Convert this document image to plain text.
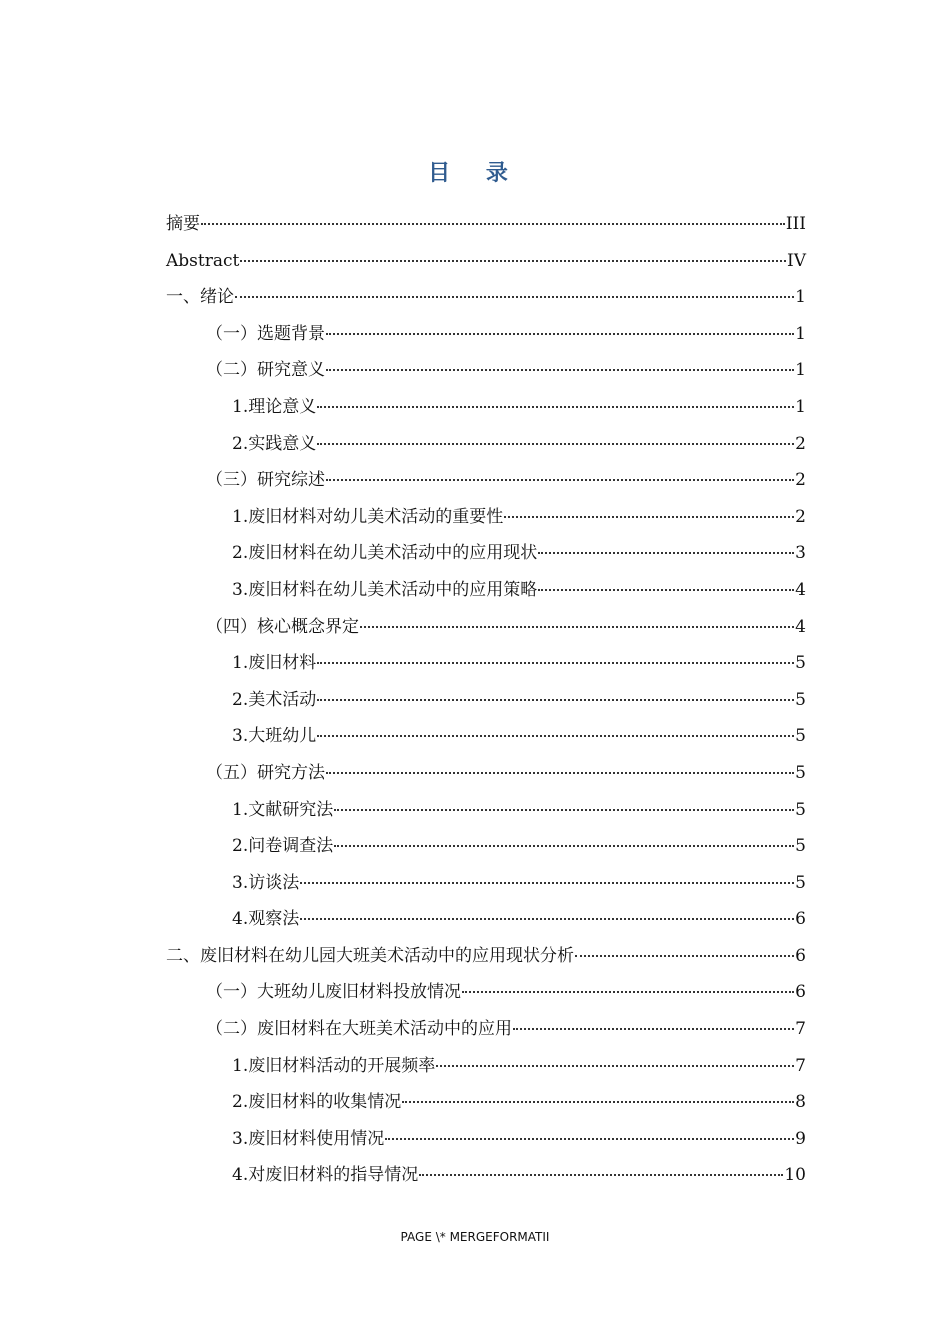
目 录
摘要	III
Abstract	IV
一、绪论	1
（一）选题背景	1
（二）研究意义	1
1.理论意义	1
2.实践意义	2
（三）研究综述	2
1.废旧材料对幼儿美术活动的重要性	2
2.废旧材料在幼儿美术活动中的应用现状	3
3.废旧材料在幼儿美术活动中的应用策略	4
（四）核心概念界定	4
1.废旧材料	5
2.美术活动	5
3.大班幼儿	5
（五）研究方法	5
1.文献研究法	5
2.问卷调查法	5
3.访谈法	5
4.观察法	6
二、废旧材料在幼儿园大班美术活动中的应用现状分析	6
（一）大班幼儿废旧材料投放情况	6
（二）废旧材料在大班美术活动中的应用	7
1.废旧材料活动的开展频率	7
2.废旧材料的收集情况	8
3.废旧材料使用情况	9
4.对废旧材料的指导情况	10
PAGE \* MERGEFORMATII
